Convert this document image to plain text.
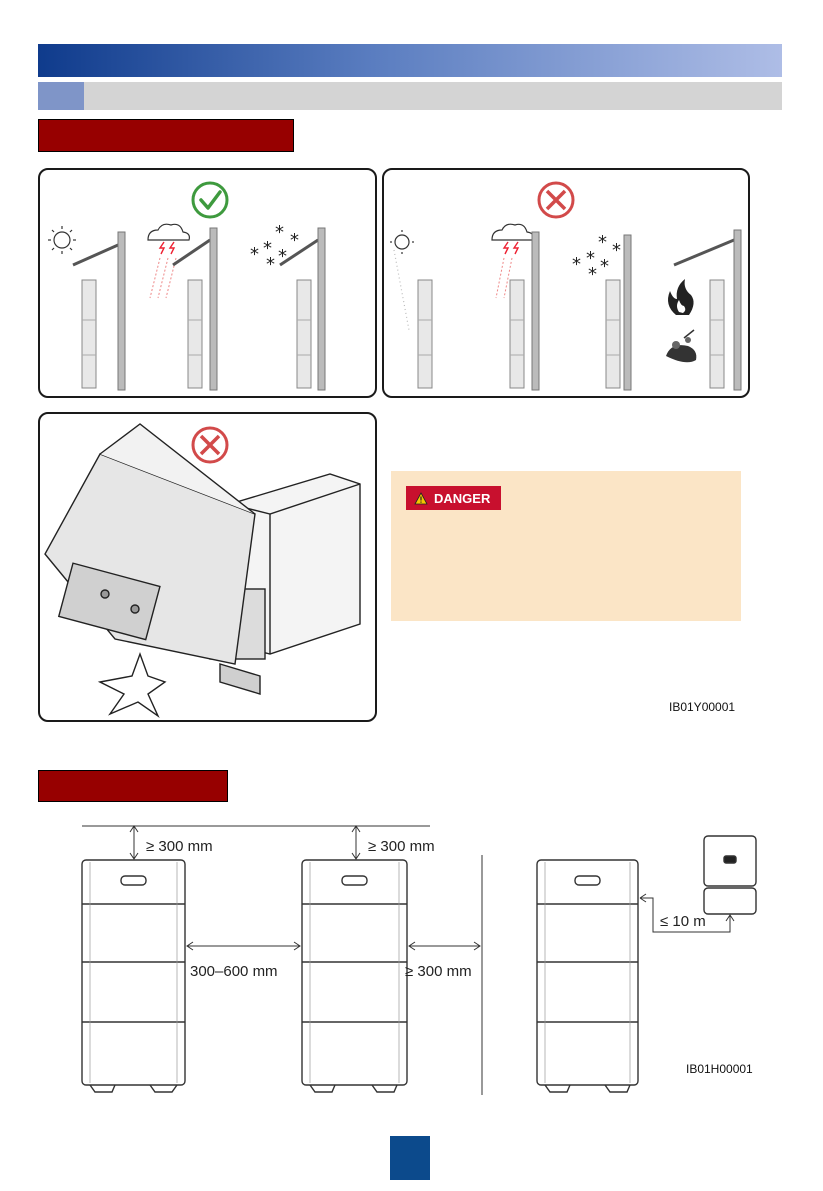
* *
* *
* *
* *
* *
* *
DANGER
IB01Y00001
≥ 300 mm	≥ 300 mm
300–600 mm	≥ 300 mm
≤ 10 m
IB01H00001
